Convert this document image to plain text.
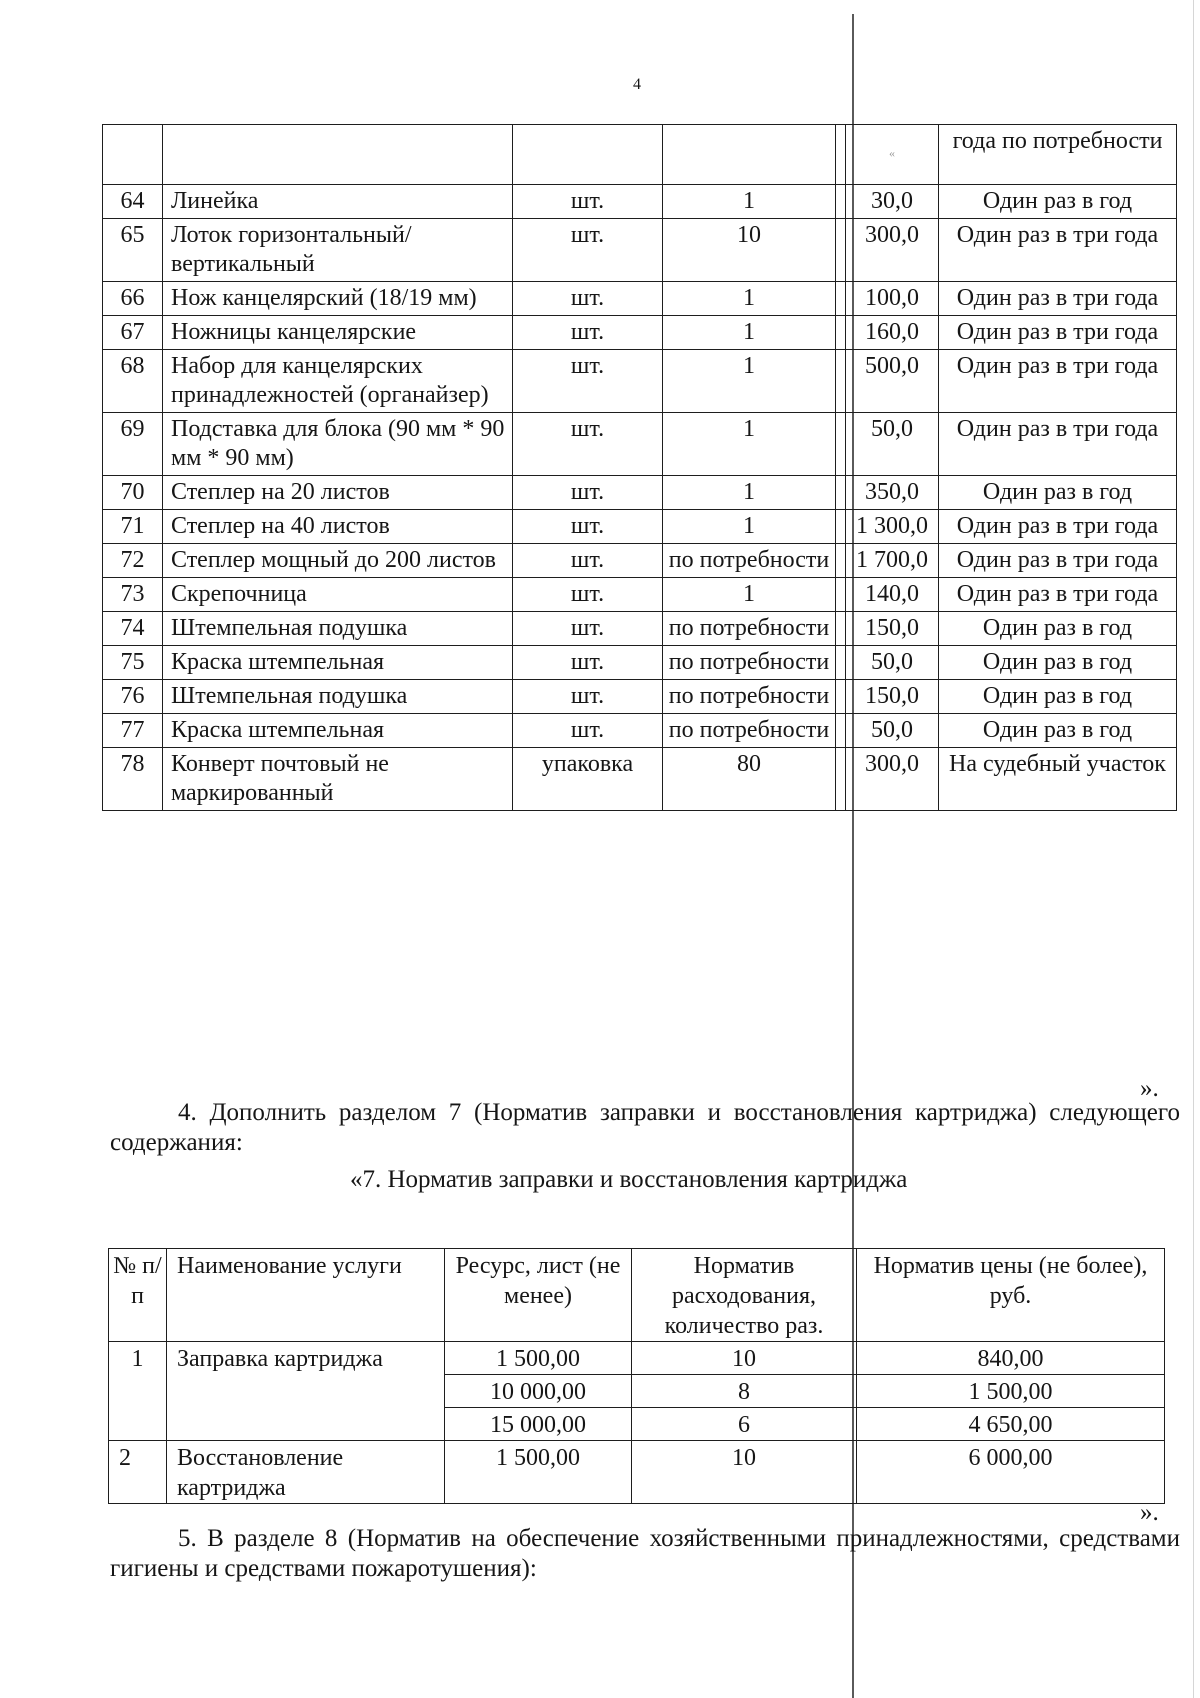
4
					«	года по потребности
64	Линейка	шт.	1		30,0	Один раз в год
65	Лоток горизонтальный/ вертикальный	шт.	10		300,0	Один раз в три года
66	Нож канцелярский (18/19 мм)	шт.	1		100,0	Один раз в три года
67	Ножницы канцелярские	шт.	1		160,0	Один раз в три года
68	Набор для канцелярских принадлежностей (органайзер)	шт.	1		500,0	Один раз в три года
69	Подставка для блока (90 мм * 90 мм * 90 мм)	шт.	1		50,0	Один раз в три года
70	Степлер на 20 листов	шт.	1		350,0	Один раз в год
71	Степлер на 40 листов	шт.	1		1 300,0	Один раз в три года
72	Степлер мощный до 200 листов	шт.	по потребности		1 700,0	Один раз в три года
73	Скрепочница	шт.	1		140,0	Один раз в три года
74	Штемпельная подушка	шт.	по потребности		150,0	Один раз в год
75	Краска штемпельная	шт.	по потребности		50,0	Один раз в год
76	Штемпельная подушка	шт.	по потребности		150,0	Один раз в год
77	Краска штемпельная	шт.	по потребности		50,0	Один раз в год
78	Конверт почтовый не маркированный	упаковка	80		300,0	На судебный участок
».
4. Дополнить разделом 7 (Норматив заправки и восстановления картриджа) следующего содержания:
«7. Норматив заправки и восстановления картриджа
№ п/п	Наименование услуги	Ресурс, лист (не менее)	Норматив расходования, количество раз.	Норматив цены (не более), руб.
1	Заправка картриджа	1 500,00	10	840,00
		10 000,00	8	1 500,00
		15 000,00	6	4 650,00
2	Восстановление картриджа	1 500,00	10	6 000,00
».
5. В разделе 8 (Норматив на обеспечение хозяйственными принадлежностями, средствами гигиены и средствами пожаротушения):
